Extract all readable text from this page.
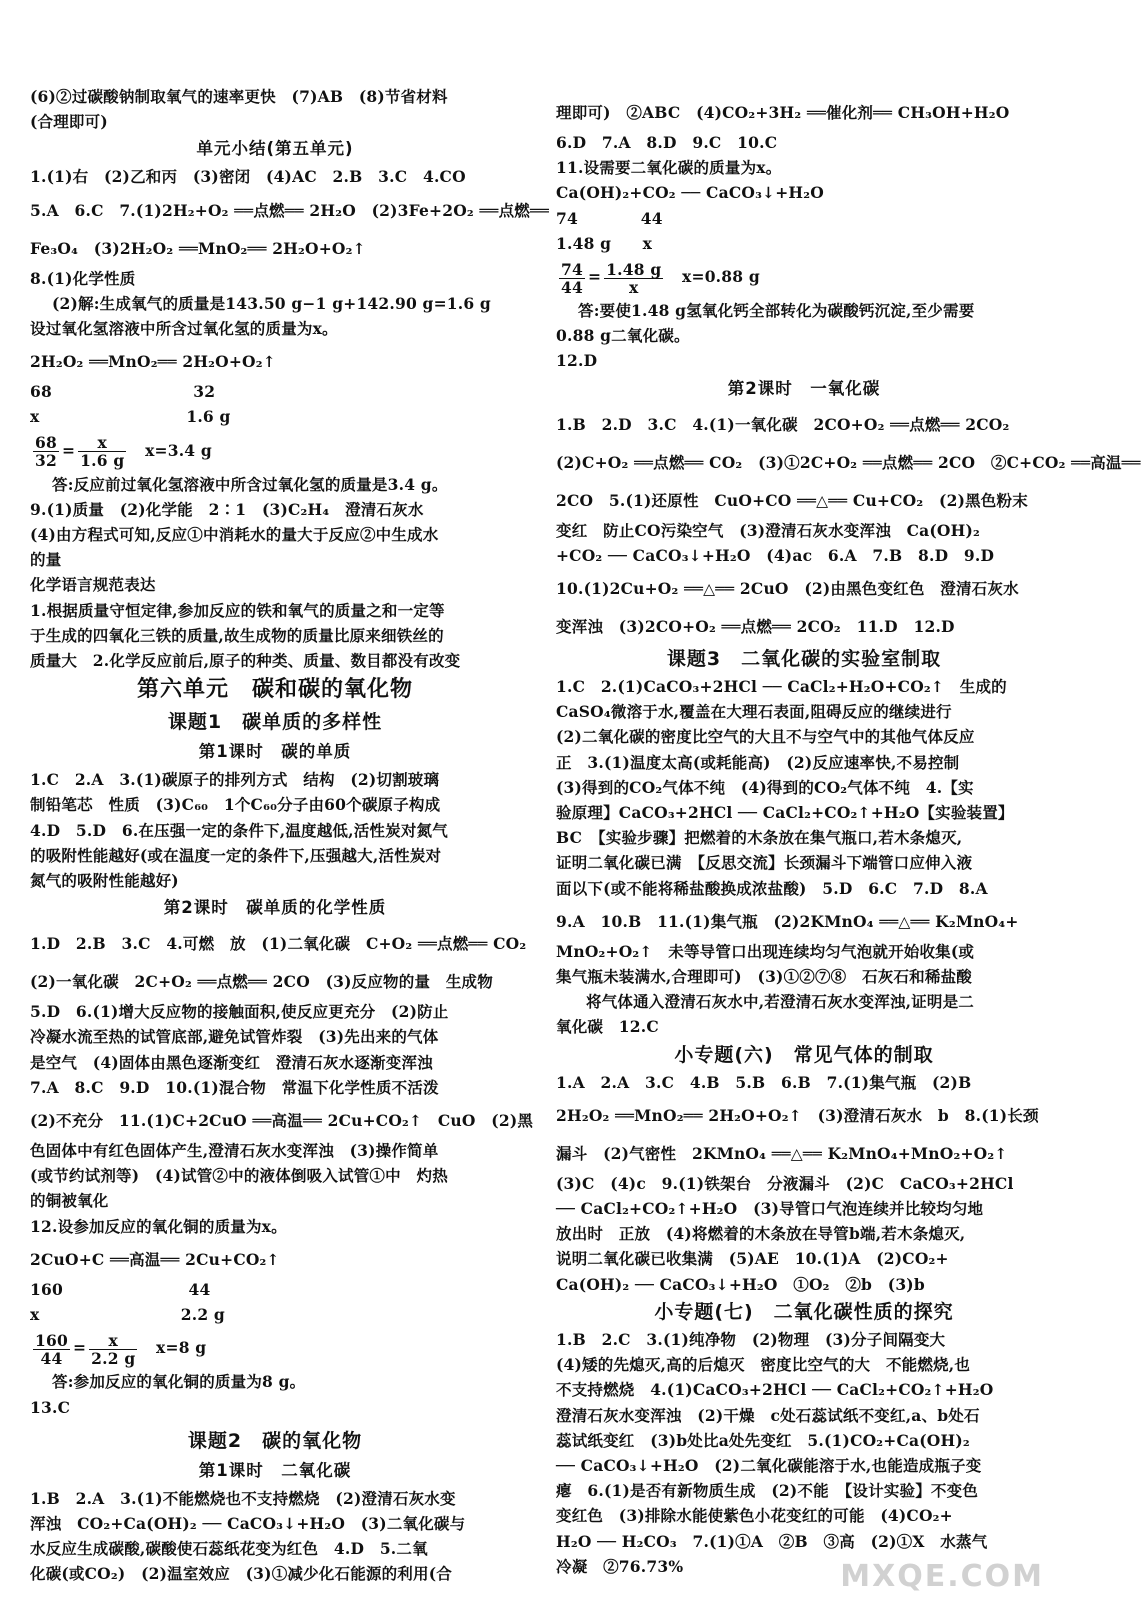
(6)②过碳酸钠制取氧气的速率更快　(7)AB　(8)节省材料
(合理即可)
单元小结(第五单元)
1.(1)右　(2)乙和丙　(3)密闭　(4)AC　2.B　3.C　4.CO
5.A　6.C　7.(1)2H₂+O₂ ══点燃══ 2H₂O　(2)3Fe+2O₂ ══点燃══
Fe₃O₄　(3)2H₂O₂ ══MnO₂══ 2H₂O+O₂↑
8.(1)化学性质
(2)解:生成氧气的质量是143.50 g−1 g+142.90 g=1.6 g
设过氧化氢溶液中所含过氧化氢的质量为x。
2H₂O₂ ══MnO₂══ 2H₂O+O₂↑
68　　　　　　　　　32
x　　　　　　　　　 1.6 g
$\frac{68}{32} = \frac{x}{1.6 g}$ 　x=3.4 g
答:反应前过氧化氢溶液中所含过氧化氢的质量是3.4 g。
9.(1)质量　(2)化学能　2∶1　(3)C₂H₄　澄清石灰水
(4)由方程式可知,反应①中消耗水的量大于反应②中生成水
的量
化学语言规范表达
1.根据质量守恒定律,参加反应的铁和氧气的质量之和一定等
于生成的四氧化三铁的质量,故生成物的质量比原来细铁丝的
质量大　2.化学反应前后,原子的种类、质量、数目都没有改变
第六单元　碳和碳的氧化物
课题1　碳单质的多样性
第1课时　碳的单质
1.C　2.A　3.(1)碳原子的排列方式　结构　(2)切割玻璃
制铅笔芯　性质　(3)C₆₀　1个C₆₀分子由60个碳原子构成
4.D　5.D　6.在压强一定的条件下,温度越低,活性炭对氮气
的吸附性能越好(或在温度一定的条件下,压强越大,活性炭对
氮气的吸附性能越好)
第2课时　碳单质的化学性质
1.D　2.B　3.C　4.可燃　放　(1)二氧化碳　C+O₂ ══点燃══ CO₂
(2)一氧化碳　2C+O₂ ══点燃══ 2CO　(3)反应物的量　生成物
5.D　6.(1)增大反应物的接触面积,使反应更充分　(2)防止
冷凝水流至热的试管底部,避免试管炸裂　(3)先出来的气体
是空气　(4)固体由黑色逐渐变红　澄清石灰水逐渐变浑浊
7.A　8.C　9.D　10.(1)混合物　常温下化学性质不活泼
(2)不充分　11.(1)C+2CuO ══高温══ 2Cu+CO₂↑　CuO　(2)黑
色固体中有红色固体产生,澄清石灰水变浑浊　(3)操作简单
(或节约试剂等)　(4)试管②中的液体倒吸入试管①中　灼热
的铜被氧化
12.设参加反应的氧化铜的质量为x。
2CuO+C ══高温══ 2Cu+CO₂↑
160　　　　　　　　44
x　　　　　　　　　2.2 g
$\frac{160}{44} = \frac{x}{2.2 g}$ 　x=8 g
答:参加反应的氧化铜的质量为8 g。
13.C
课题2　碳的氧化物
第1课时　二氧化碳
1.B　2.A　3.(1)不能燃烧也不支持燃烧　(2)澄清石灰水变
浑浊　CO₂+Ca(OH)₂ ── CaCO₃↓+H₂O　(3)二氧化碳与
水反应生成碳酸,碳酸使石蕊纸花变为红色　4.D　5.二氧
化碳(或CO₂)　(2)温室效应　(3)①减少化石能源的利用(合
理即可)　②ABC　(4)CO₂+3H₂ ══催化剂══ CH₃OH+H₂O
6.D　7.A　8.D　9.C　10.C
11.设需要二氧化碳的质量为x。
Ca(OH)₂+CO₂ ── CaCO₃↓+H₂O
74　　　　44
1.48 g　　x
$\frac{74}{44} = \frac{1.48 g}{x}$ 　x=0.88 g
答:要使1.48 g氢氧化钙全部转化为碳酸钙沉淀,至少需要
0.88 g二氧化碳。
12.D
第2课时　一氧化碳
1.B　2.D　3.C　4.(1)一氧化碳　2CO+O₂ ══点燃══ 2CO₂
(2)C+O₂ ══点燃══ CO₂　(3)①2C+O₂ ══点燃══ 2CO　②C+CO₂ ══高温══
2CO　5.(1)还原性　CuO+CO ══△══ Cu+CO₂　(2)黑色粉末
变红　防止CO污染空气　(3)澄清石灰水变浑浊　Ca(OH)₂
+CO₂ ── CaCO₃↓+H₂O　(4)ac　6.A　7.B　8.D　9.D
10.(1)2Cu+O₂ ══△══ 2CuO　(2)由黑色变红色　澄清石灰水
变浑浊　(3)2CO+O₂ ══点燃══ 2CO₂　11.D　12.D
课题3　二氧化碳的实验室制取
1.C　2.(1)CaCO₃+2HCl ── CaCl₂+H₂O+CO₂↑　生成的
CaSO₄微溶于水,覆盖在大理石表面,阻碍反应的继续进行
(2)二氧化碳的密度比空气的大且不与空气中的其他气体反应
正　3.(1)温度太高(或耗能高)　(2)反应速率快,不易控制
(3)得到的CO₂气体不纯　(4)得到的CO₂气体不纯　4.【实
验原理】CaCO₃+2HCl ── CaCl₂+CO₂↑+H₂O【实验装置】
BC　【实验步骤】把燃着的木条放在集气瓶口,若木条熄灭,
证明二氧化碳已满　【反思交流】长颈漏斗下端管口应伸入液
面以下(或不能将稀盐酸换成浓盐酸)　5.D　6.C　7.D　8.A
9.A　10.B　11.(1)集气瓶　(2)2KMnO₄ ══△══ K₂MnO₄+
MnO₂+O₂↑　未等导管口出现连续均匀气泡就开始收集(或
集气瓶未装满水,合理即可)　(3)①②⑦⑧　石灰石和稀盐酸
将气体通入澄清石灰水中,若澄清石灰水变浑浊,证明是二
氧化碳　12.C
小专题(六)　常见气体的制取
1.A　2.A　3.C　4.B　5.B　6.B　7.(1)集气瓶　(2)B
2H₂O₂ ══MnO₂══ 2H₂O+O₂↑　(3)澄清石灰水　b　8.(1)长颈
漏斗　(2)气密性　2KMnO₄ ══△══ K₂MnO₄+MnO₂+O₂↑
(3)C　(4)c　9.(1)铁架台　分液漏斗　(2)C　CaCO₃+2HCl
── CaCl₂+CO₂↑+H₂O　(3)导管口气泡连续并比较均匀地
放出时　正放　(4)将燃着的木条放在导管b端,若木条熄灭,
说明二氧化碳已收集满　(5)AE　10.(1)A　(2)CO₂+
Ca(OH)₂ ── CaCO₃↓+H₂O　①O₂　②b　(3)b
小专题(七)　二氧化碳性质的探究
1.B　2.C　3.(1)纯净物　(2)物理　(3)分子间隔变大
(4)矮的先熄灭,高的后熄灭　密度比空气的大　不能燃烧,也
不支持燃烧　4.(1)CaCO₃+2HCl ── CaCl₂+CO₂↑+H₂O
澄清石灰水变浑浊　(2)干燥　c处石蕊试纸不变红,a、b处石
蕊试纸变红　(3)b处比a处先变红　5.(1)CO₂+Ca(OH)₂
── CaCO₃↓+H₂O　(2)二氧化碳能溶于水,也能造成瓶子变
瘪　6.(1)是否有新物质生成　(2)不能　【设计实验】不变色
变红色　(3)排除水能使紫色小花变红的可能　(4)CO₂+
H₂O ── H₂CO₃　7.(1)①A　②B　③高　(2)①X　水蒸气
冷凝　②76.73%	MXQE.COM
